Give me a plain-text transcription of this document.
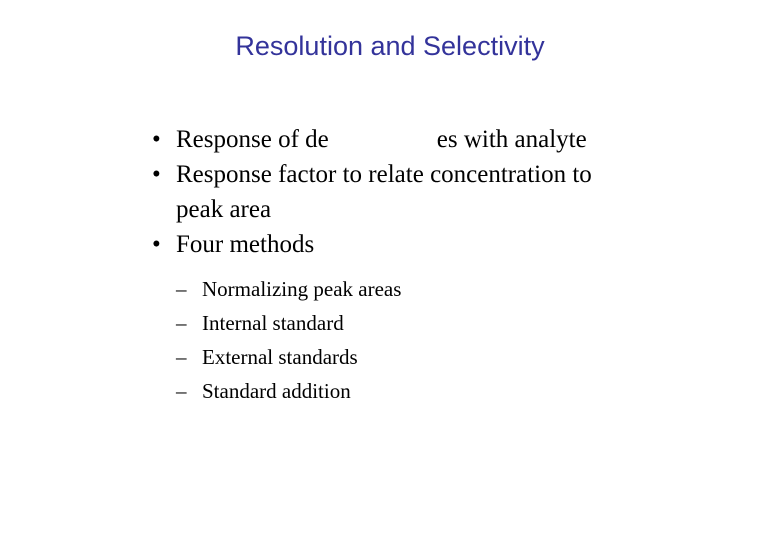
Resolution and Selectivity
• Response of de	es with analyte
• Response factor to relate concentration to
peak area
• Four methods
– Normalizing peak areas
– Internal standard
– External standards
– Standard addition
